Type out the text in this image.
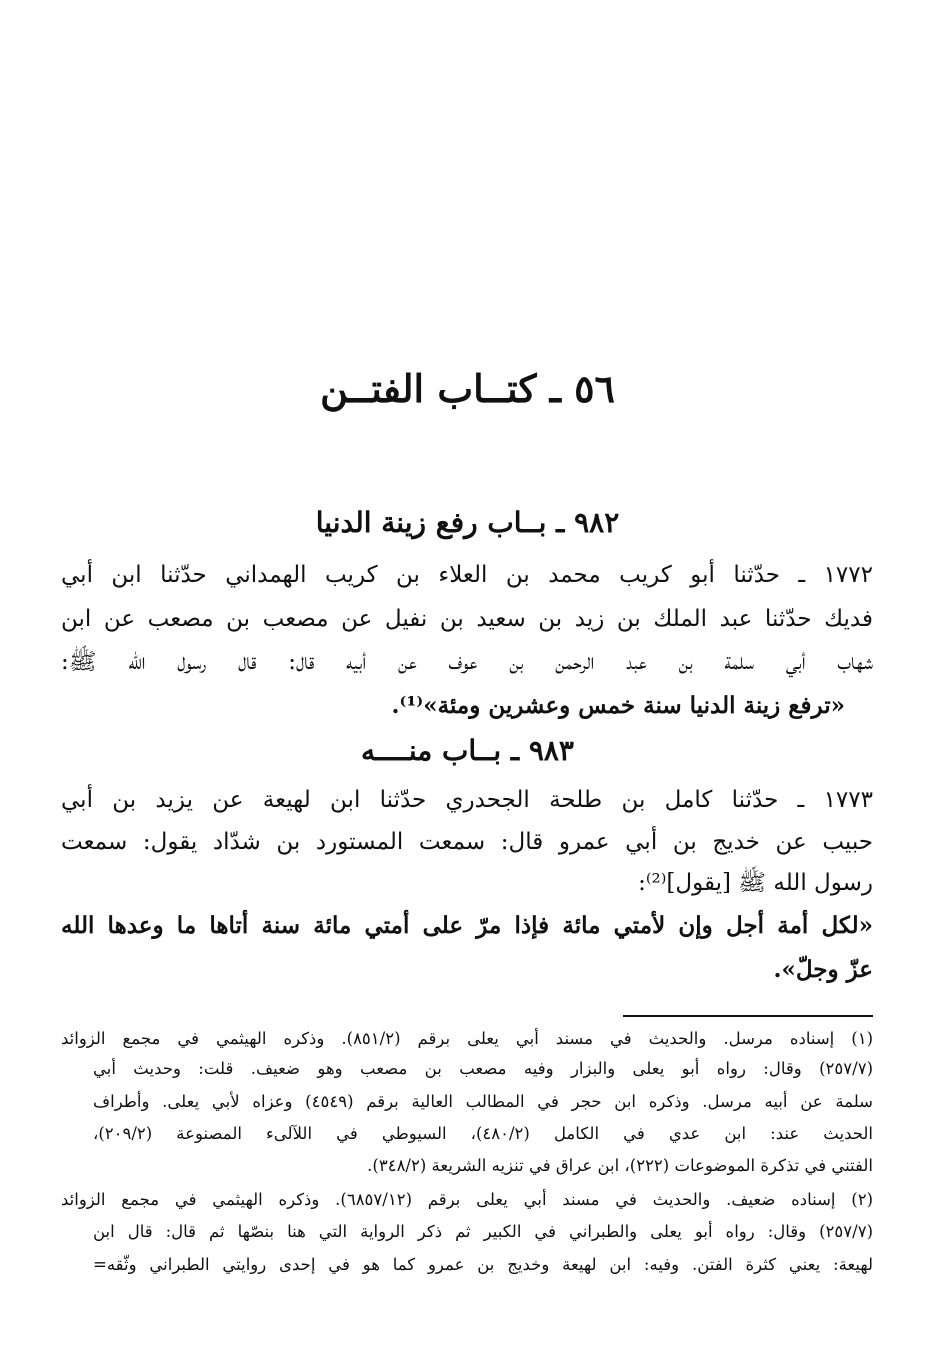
٥٦ ـ كتــاب الفتــن
٩٨٢ ـ بــاب رفع زينة الدنيا
١٧٧٢ ـ حدّثنا أبو كريب محمد بن العلاء بن كريب الهمداني حدّثنا ابن أبي
فديك حدّثنا عبد الملك بن زيد بن سعيد بن نفيل عن مصعب بن مصعب عن ابن
شهاب أبي سلمة بن عبد الرحمن بن عوف عن أبيه قال: قال رسول الله ﷺ:
«ترفع زينة الدنيا سنة خمس وعشرين ومئة»⁽¹⁾.
٩٨٣ ـ بــاب منــــه
١٧٧٣ ـ حدّثنا كامل بن طلحة الجحدري حدّثنا ابن لهيعة عن يزيد بن أبي
حبيب عن خديج بن أبي عمرو قال: سمعت المستورد بن شدّاد يقول: سمعت
رسول الله ﷺ [يقول]⁽²⁾:
«لكل أمة أجل وإن لأمتي مائة فإذا مرّ على أمتي مائة سنة أتاها ما وعدها الله
عزّ وجلّ».
(١) إسناده مرسل. والحديث في مسند أبي يعلى برقم (٨٥١/٢). وذكره الهيثمي في مجمع الزوائد
(٢٥٧/٧) وقال: رواه أبو يعلى والبزار وفيه مصعب بن مصعب وهو ضعيف. قلت: وحديث أبي
سلمة عن أبيه مرسل. وذكره ابن حجر في المطالب العالية برقم (٤٥٤٩) وعزاه لأبي يعلى. وأطراف
الحديث عند: ابن عدي في الكامل (٤٨٠/٢)، السيوطي في اللآلىء المصنوعة (٢٠٩/٢)،
الفتني في تذكرة الموضوعات (٢٢٢)، ابن عراق في تنزيه الشريعة (٣٤٨/٢).
(٢) إسناده ضعيف. والحديث في مسند أبي يعلى برقم (٦٨٥٧/١٢). وذكره الهيثمي في مجمع الزوائد
(٢٥٧/٧) وقال: رواه أبو يعلى والطبراني في الكبير ثم ذكر الرواية التي هنا بنصّها ثم قال: قال ابن
لهيعة: يعني كثرة الفتن. وفيه: ابن لهيعة وخديج بن عمرو كما هو في إحدى روايتي الطبراني وثّقه=
